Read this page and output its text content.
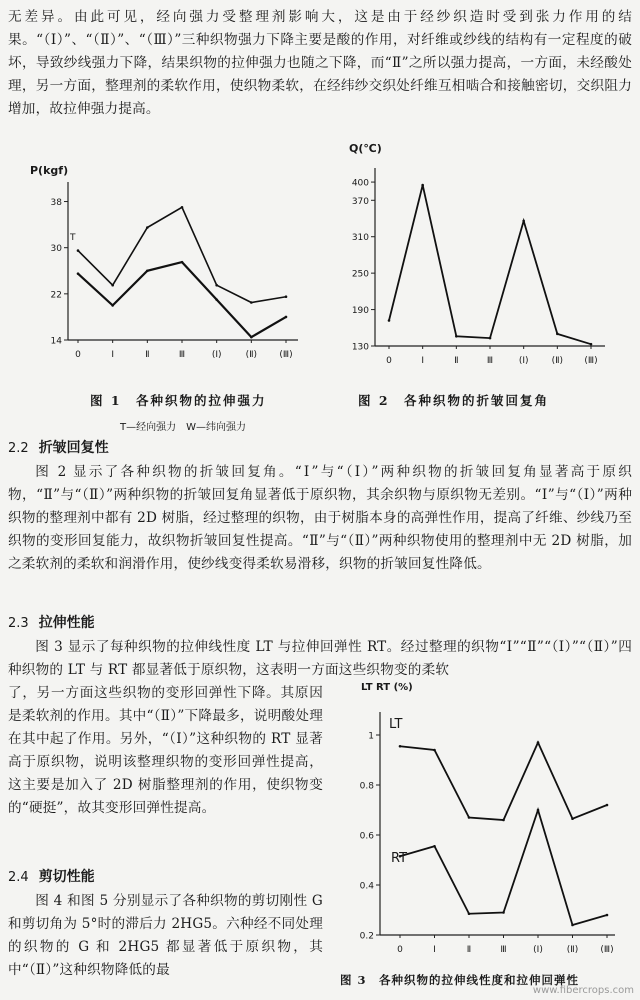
无差异。由此可见，经向强力受整理剂影响大，这是由于经纱织造时受到张力作用的结果。“（Ⅰ）”、“（Ⅱ）”、“（Ⅲ）”三种织物强力下降主要是酸的作用，对纤维或纱线的结构有一定程度的破坏，导致纱线强力下降，结果织物的拉伸强力也随之下降，而“Ⅱ”之所以强力提高，一方面，未经酸处理，另一方面，整理剂的柔软作用，使织物柔软，在经纬纱交织处纤维互相啮合和接触密切，交织阻力增加，故拉伸强力提高。

P(kgf)
14
22
30
38
0	Ⅰ	Ⅱ	Ⅲ	(Ⅰ)	(Ⅱ) (Ⅲ)
T
图 1　各种织物的拉伸强力
T—经向强力　W—纬向强力
Q(℃)
130
190
250
310
370
400
0	Ⅰ	Ⅱ	Ⅲ	(Ⅰ)	(Ⅱ) (Ⅲ)
图 2　各种织物的折皱回复角
2.2 折皱回复性

图 2 显示了各种织物的折皱回复角。“Ⅰ”与“（Ⅰ）”两种织物的折皱回复角显著高于原织物，“Ⅱ”与“（Ⅱ）”两种织物的折皱回复角显著低于原织物，其余织物与原织物无差别。“Ⅰ”与“（Ⅰ）”两种织物的整理剂中都有 2D 树脂，经过整理的织物，由于树脂本身的高弹性作用，提高了纤维、纱线乃至织物的变形回复能力，故织物折皱回复性提高。“Ⅱ”与“（Ⅱ）”两种织物使用的整理剂中无 2D 树脂，加之柔软剂的柔软和润滑作用，使纱线变得柔软易滑移，织物的折皱回复性降低。

2.3 拉伸性能

图 3 显示了每种织物的拉伸线性度 LT 与拉伸回弹性 RT。经过整理的织物“Ⅰ”“Ⅱ”“（Ⅰ）”“（Ⅱ）”四种织物的 LT 与 RT 都显著低于原织物，这表明一方面这些织物变的柔软

了，另一方面这些织物的变形回弹性下降。其原因是柔软剂的作用。其中“（Ⅱ）”下降最多，说明酸处理在其中起了作用。另外，“（Ⅰ）”这种织物的 RT 显著高于原织物，说明该整理织物的变形回弹性提高，这主要是加入了 2D 树脂整理剂的作用，使织物变的“硬挺”，故其变形回弹性提高。

2.4 剪切性能

图 4 和图 5 分别显示了各种织物的剪切刚性 G 和剪切角为 5°时的滞后力 2HG5。六种经不同处理的织物的 G 和 2HG5 都显著低于原织物，其中“（Ⅱ）”这种织物降低的最

LT RT (%)
0.2
0.4
0.6
0.8
1
0	Ⅰ	Ⅱ	Ⅲ	(Ⅰ)	(Ⅱ) (Ⅲ)
LT
RT
图 3　各种织物的拉伸线性度和拉伸回弹性
www.fibercrops.com
